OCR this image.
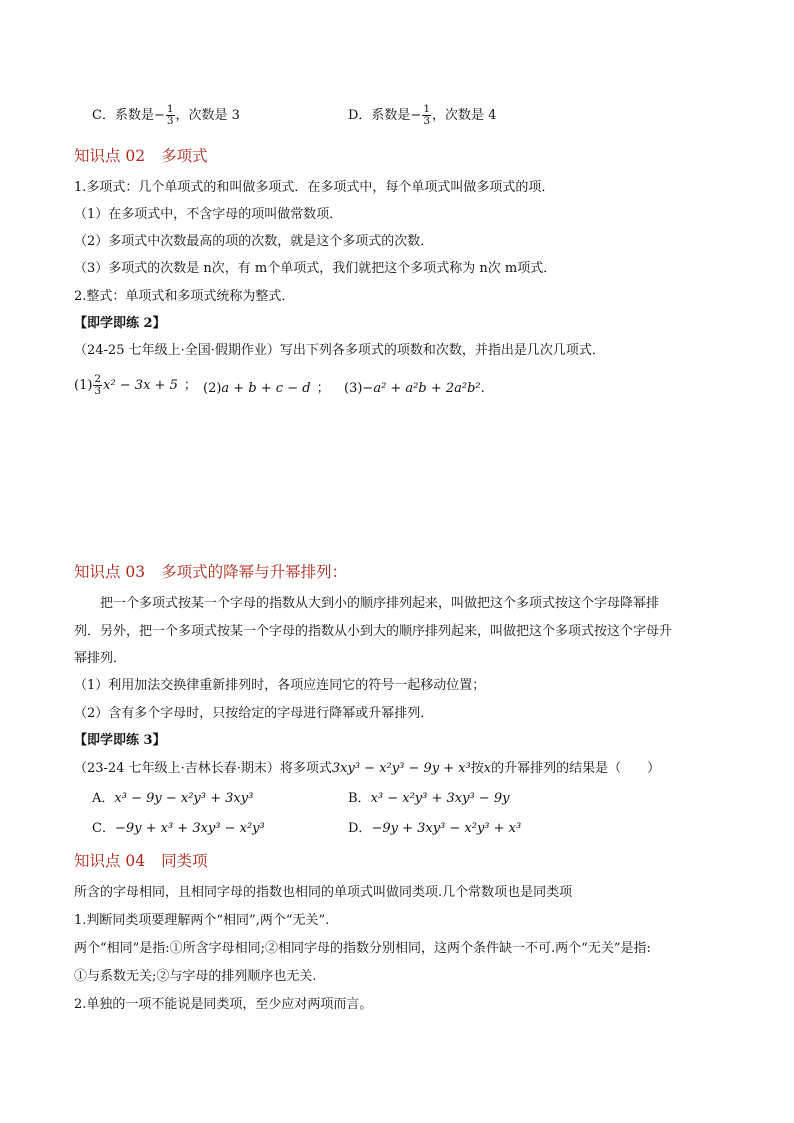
C．系数是− $\frac{1}{3}$ ，次数是 3	D．系数是− $\frac{1}{3}$ ，次数是 4
知识点 02 多项式
1.多项式：几个单项式的和叫做多项式．在多项式中，每个单项式叫做多项式的项．
（1）在多项式中，不含字母的项叫做常数项．
（2）多项式中次数最高的项的次数，就是这个多项式的次数．
（3）多项式的次数是 n次，有 m个单项式，我们就把这个多项式称为 n次 m项式．
2.整式：单项式和多项式统称为整式．
【即学即练 2】
（24-25 七年级上·全国·假期作业）写出下列各多项式的项数和次数，并指出是几次几项式．
$(1) \frac{2}{3} x^2 - 3x + 5$ ； (2)a + b + c − d ； (3)−a² + a²b + 2a²b².
知识点 03 多项式的降幂与升幂排列：
把一个多项式按某一个字母的指数从大到小的顺序排列起来，叫做把这个多项式按这个字母降幂排
列．另外，把一个多项式按某一个字母的指数从小到大的顺序排列起来，叫做把这个多项式按这个字母升
幂排列．
（1）利用加法交换律重新排列时，各项应连同它的符号一起移动位置；
（2）含有多个字母时，只按给定的字母进行降幂或升幂排列．
【即学即练 3】
（23-24 七年级上·吉林长春·期末）将多项式3xy³ − x²y³ − 9y + x³按x的升幂排列的结果是（　　）
A．x³ − 9y − x²y³ + 3xy³	B．x³ − x²y³ + 3xy³ − 9y
C．−9y + x³ + 3xy³ − x²y³	D．−9y + 3xy³ − x²y³ + x³
知识点 04 同类项
所含的字母相同，且相同字母的指数也相同的单项式叫做同类项.几个常数项也是同类项
1.判断同类项要理解两个“相同”,两个“无关”.
两个“相同”是指:①所含字母相同;②相同字母的指数分别相同，这两个条件缺一不可.两个“无关”是指:
①与系数无关;②与字母的排列顺序也无关.
2.单独的一项不能说是同类项，至少应对两项而言。
